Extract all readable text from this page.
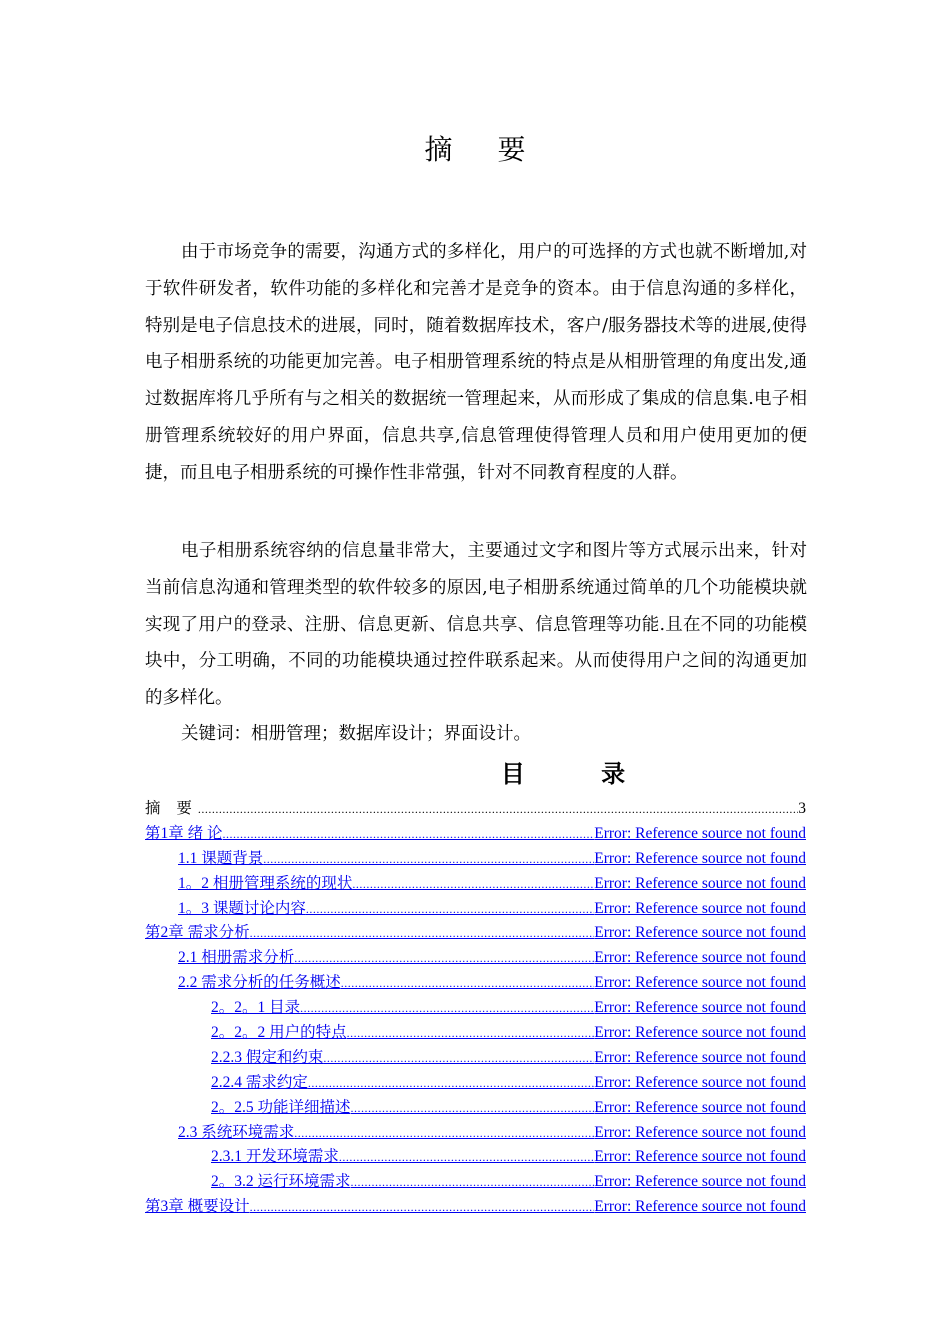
摘 要

由于市场竞争的需要，沟通方式的多样化，用户的可选择的方式也就不断增加,对于软件研发者，软件功能的多样化和完善才是竞争的资本。由于信息沟通的多样化，特别是电子信息技术的进展，同时，随着数据库技术，客户/服务器技术等的进展,使得电子相册系统的功能更加完善。电子相册管理系统的特点是从相册管理的角度出发,通过数据库将几乎所有与之相关的数据统一管理起来，从而形成了集成的信息集.电子相册管理系统较好的用户界面，信息共享,信息管理使得管理人员和用户使用更加的便捷，而且电子相册系统的可操作性非常强，针对不同教育程度的人群。

电子相册系统容纳的信息量非常大，主要通过文字和图片等方式展示出来，针对当前信息沟通和管理类型的软件较多的原因,电子相册系统通过简单的几个功能模块就实现了用户的登录、注册、信息更新、信息共享、信息管理等功能.且在不同的功能模块中，分工明确，不同的功能模块通过控件联系起来。从而使得用户之间的沟通更加的多样化。

关键词：相册管理；数据库设计；界面设计。

目 录
摘 要 .....	3
第1章 绪 论 .....	Error: Reference source not found
1.1 课题背景 .....	Error: Reference source not found
1。2 相册管理系统的现状 .....	Error: Reference source not found
1。3 课题讨论内容 .....	Error: Reference source not found
第2章 需求分析 .....	Error: Reference source not found
2.1 相册需求分析 .....	Error: Reference source not found
2.2 需求分析的任务概述 .....	Error: Reference source not found
2。2。1 目录 .....	Error: Reference source not found
2。2。2 用户的特点 .....	Error: Reference source not found
2.2.3 假定和约束 .....	Error: Reference source not found
2.2.4 需求约定 .....	Error: Reference source not found
2。2.5 功能详细描述 .....	Error: Reference source not found
2.3 系统环境需求 .....	Error: Reference source not found
2.3.1 开发环境需求 .....	Error: Reference source not found
2。3.2 运行环境需求 .....	Error: Reference source not found
第3章 概要设计 .....	Error: Reference source not found
